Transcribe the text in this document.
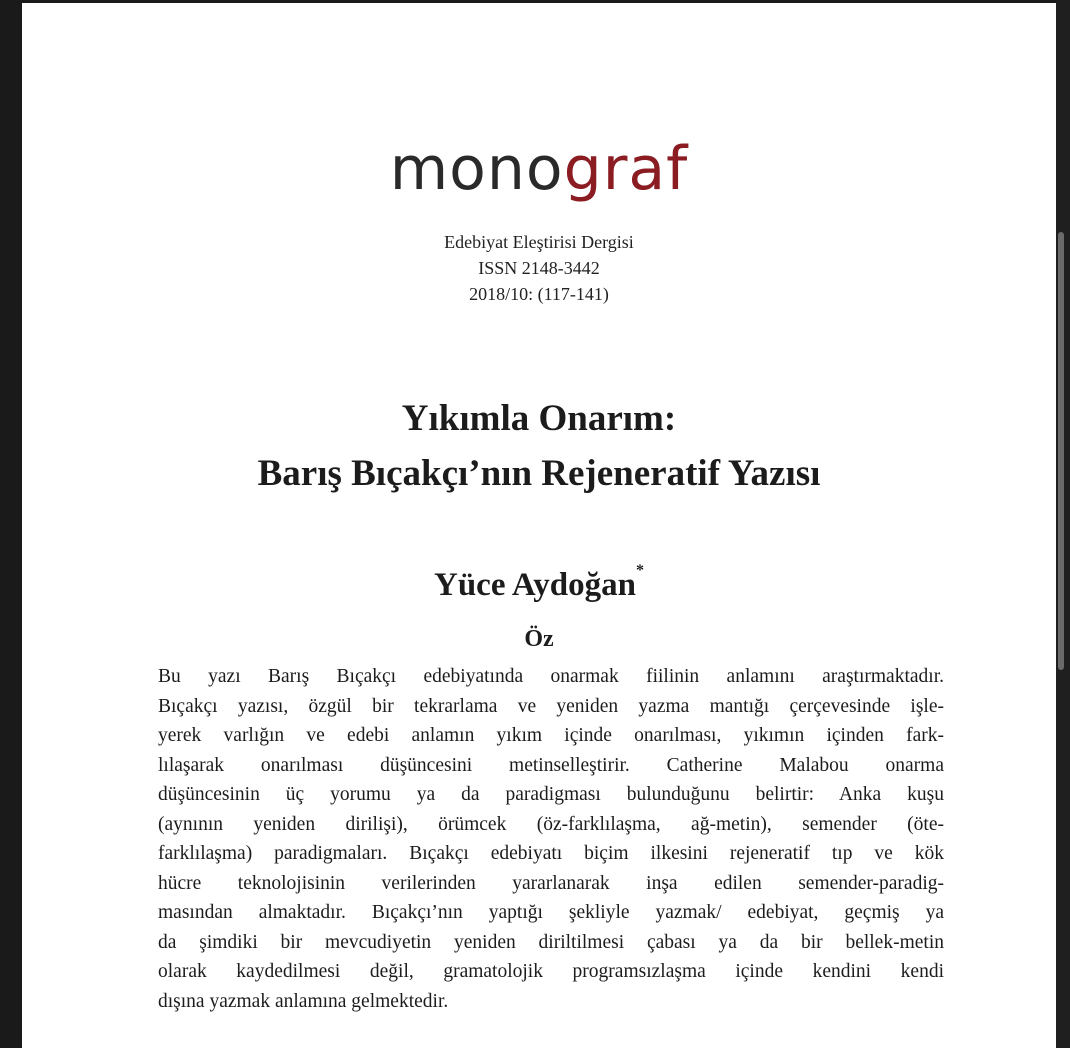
monograf
Edebiyat Eleştirisi Dergisi
ISSN 2148-3442
2018/10: (117-141)
Yıkımla Onarım:
Barış Bıçakçı’nın Rejeneratif Yazısı
Yüce Aydoğan*
Öz
Bu yazı Barış Bıçakçı edebiyatında onarmak fiilinin anlamını araştırmaktadır.
Bıçakçı yazısı, özgül bir tekrarlama ve yeniden yazma mantığı çerçevesinde işle-
yerek varlığın ve edebi anlamın yıkım içinde onarılması, yıkımın içinden fark-
lılaşarak onarılması düşüncesini metinselleştirir. Catherine Malabou onarma
düşüncesinin üç yorumu ya da paradigması bulunduğunu belirtir: Anka kuşu
(aynının yeniden dirilişi), örümcek (öz-farklılaşma, ağ-metin), semender (öte-
farklılaşma) paradigmaları. Bıçakçı edebiyatı biçim ilkesini rejeneratif tıp ve kök
hücre teknolojisinin verilerinden yararlanarak inşa edilen semender-paradig-
masından almaktadır. Bıçakçı’nın yaptığı şekliyle yazmak/ edebiyat, geçmiş ya
da şimdiki bir mevcudiyetin yeniden diriltilmesi çabası ya da bir bellek-metin
olarak kaydedilmesi değil, gramatolojik programsızlaşma içinde kendini kendi
dışına yazmak anlamına gelmektedir.
